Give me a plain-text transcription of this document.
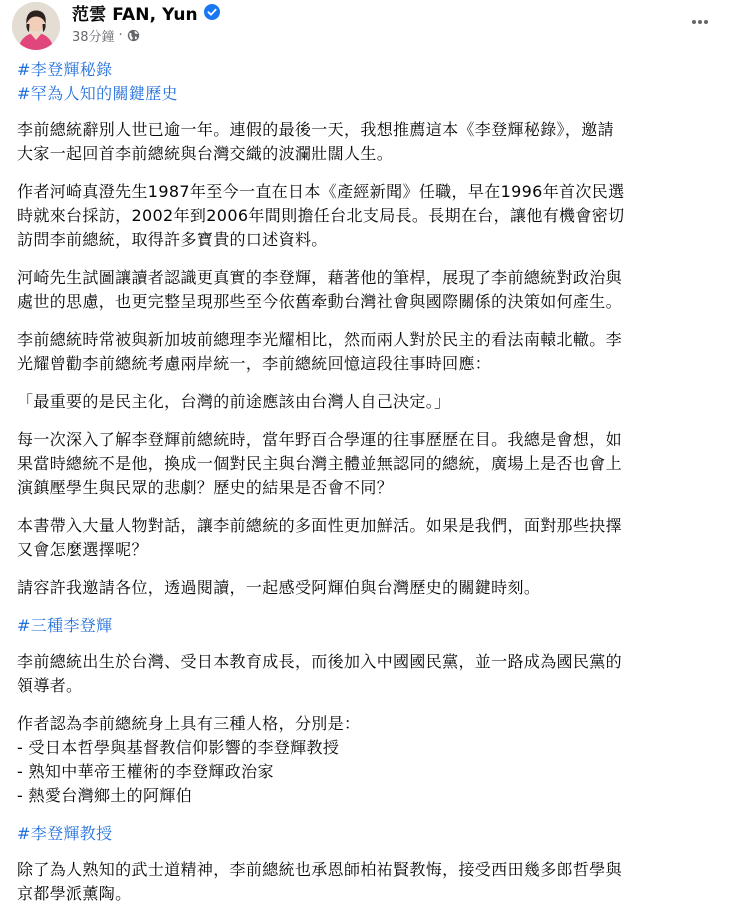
范雲 FAN, Yun
38分鐘 ·
#李登輝秘錄
#罕為人知的關鍵歷史

李前總統辭別人世已逾一年。連假的最後一天，我想推薦這本《李登輝秘錄》，邀請
大家一起回首李前總統與台灣交織的波瀾壯闊人生。

作者河崎真澄先生1987年至今一直在日本《產經新聞》任職，早在1996年首次民選
時就來台採訪，2002年到2006年間則擔任台北支局長。長期在台，讓他有機會密切
訪問李前總統，取得許多寶貴的口述資料。

河崎先生試圖讓讀者認識更真實的李登輝，藉著他的筆桿，展現了李前總統對政治與
處世的思慮，也更完整呈現那些至今依舊牽動台灣社會與國際關係的決策如何產生。

李前總統時常被與新加坡前總理李光耀相比，然而兩人對於民主的看法南轅北轍。李
光耀曾勸李前總統考慮兩岸統一，李前總統回憶這段往事時回應：

「最重要的是民主化，台灣的前途應該由台灣人自己決定。」

每一次深入了解李登輝前總統時，當年野百合學運的往事歷歷在目。我總是會想，如
果當時總統不是他，換成一個對民主與台灣主體並無認同的總統，廣場上是否也會上
演鎮壓學生與民眾的悲劇？歷史的結果是否會不同？

本書帶入大量人物對話，讓李前總統的多面性更加鮮活。如果是我們，面對那些抉擇
又會怎麼選擇呢？

請容許我邀請各位，透過閱讀，一起感受阿輝伯與台灣歷史的關鍵時刻。

#三種李登輝

李前總統出生於台灣、受日本教育成長，而後加入中國國民黨，並一路成為國民黨的
領導者。

作者認為李前總統身上具有三種人格，分別是：
- 受日本哲學與基督教信仰影響的李登輝教授
- 熟知中華帝王權術的李登輝政治家
- 熱愛台灣鄉土的阿輝伯

#李登輝教授

除了為人熟知的武士道精神，李前總統也承恩師柏祐賢教悔，接受西田幾多郎哲學與
京都學派薰陶。
